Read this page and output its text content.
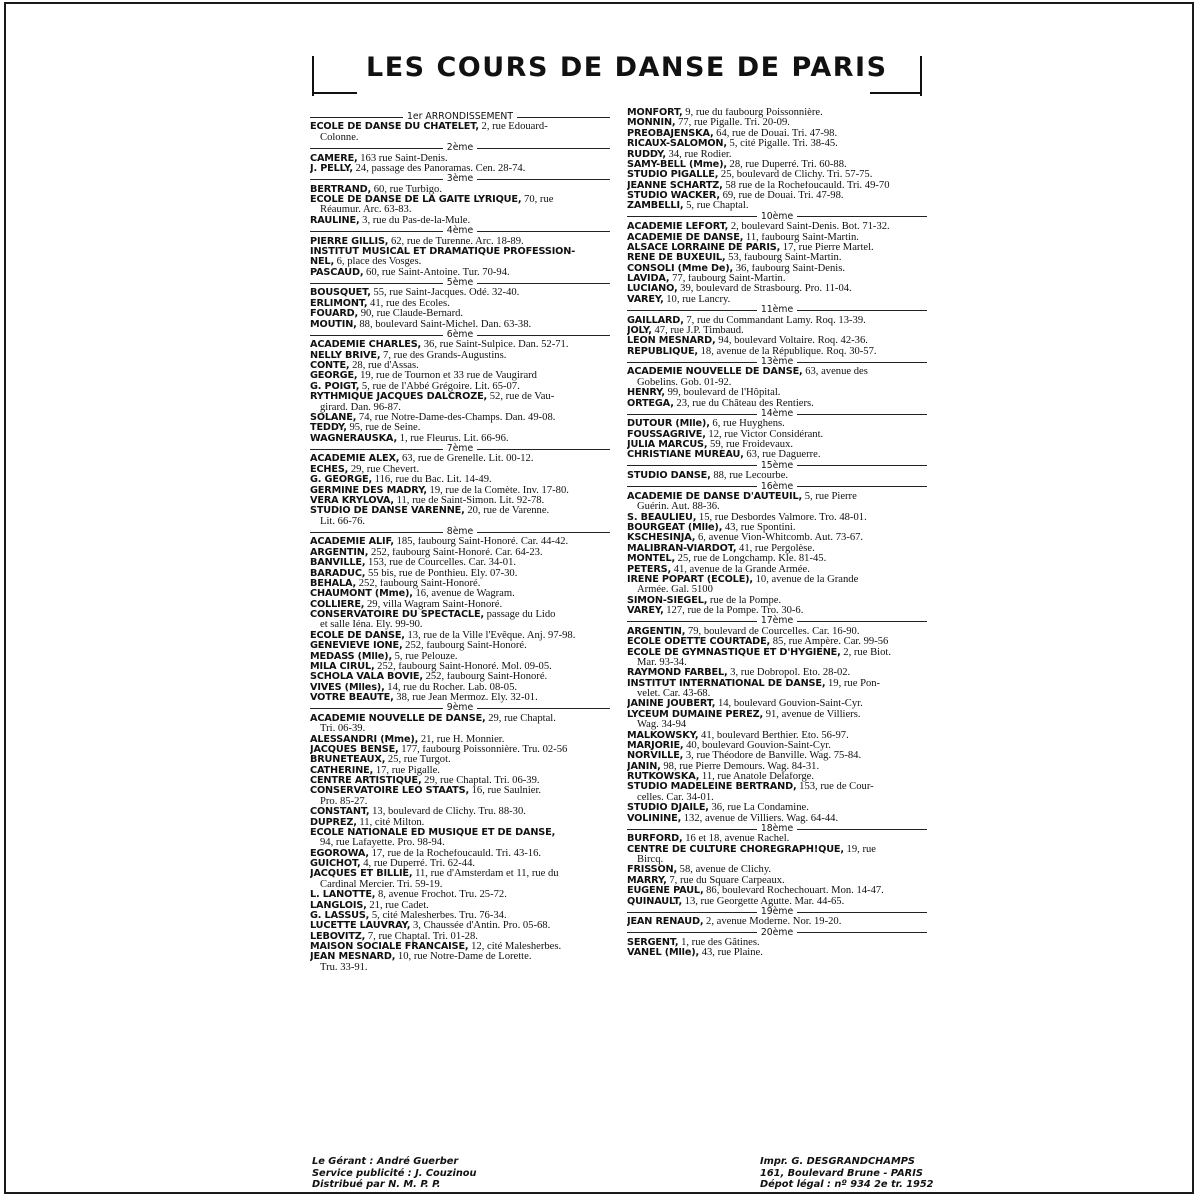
LES COURS DE DANSE DE PARIS
1er ARRONDISSEMENT
ÉCOLE DE DANSE DU CHATELET, 2, rue Edouard-
Colonne.
2ème
CAMERE, 163 rue Saint-Denis.
J. PELLY, 24, passage des Panoramas. Cen. 28-74.
3ème
BERTRAND, 60, rue Turbigo.
ÉCOLE DE DANSE DE LA GAITÉ LYRIQUE, 70, rue
Réaumur. Arc. 63-83.
RAULINE, 3, rue du Pas-de-la-Mule.
4ème
PIERRE GILLIS, 62, rue de Turenne. Arc. 18-89.
INSTITUT MUSICAL ET DRAMATIQUE PROFESSION-
NEL, 6, place des Vosges.
PASCAUD, 60, rue Saint-Antoine. Tur. 70-94.
5ème
BOUSQUET, 55, rue Saint-Jacques. Odé. 32-40.
ERLIMONT, 41, rue des Ecoles.
FOUARD, 90, rue Claude-Bernard.
MOUTIN, 88, boulevard Saint-Michel. Dan. 63-38.
6ème
ACADÉMIE CHARLES, 36, rue Saint-Sulpice. Dan. 52-71.
NELLY BRIVE, 7, rue des Grands-Augustins.
CONTE, 28, rue d'Assas.
GEORGE, 19, rue de Tournon et 33 rue de Vaugirard
G. POIGT, 5, rue de l'Abbé Grégoire. Lit. 65-07.
RYTHMIQUE JACQUES DALCROZE, 52, rue de Vau-
girard. Dan. 96-87.
SOLANE, 74, rue Notre-Dame-des-Champs. Dan. 49-08.
TEDDY, 95, rue de Seine.
WAGNERAUSKA, 1, rue Fleurus. Lit. 66-96.
7ème
ACADÉMIE ALEX, 63, rue de Grenelle. Lit. 00-12.
ECHES, 29, rue Chevert.
G. GEORGE, 116, rue du Bac. Lit. 14-49.
GERMINE DES MADRY, 19, rue de la Comète. Inv. 17-80.
VERA KRYLOVA, 11, rue de Saint-Simon. Lit. 92-78.
STUDIO DE DANSE VARENNE, 20, rue de Varenne.
Lit. 66-76.
8ème
ACADÉMIE ALIF, 185, faubourg Saint-Honoré. Car. 44-42.
ARGENTIN, 252, faubourg Saint-Honoré. Car. 64-23.
BANVILLE, 153, rue de Courcelles. Car. 34-01.
BARADUC, 55 bis, rue de Ponthieu. Ely. 07-30.
BEHALA, 252, faubourg Saint-Honoré.
CHAUMONT (Mme), 16, avenue de Wagram.
COLLIERE, 29, villa Wagram Saint-Honoré.
CONSERVATOIRE DU SPECTACLE, passage du Lido
et salle Iéna. Ely. 99-90.
ÉCOLE DE DANSE, 13, rue de la Ville l'Évêque. Anj. 97-98.
GENEVIEVE IONE, 252, faubourg Saint-Honoré.
MEDASS (Mlle), 5, rue Pelouze.
MILA CIRUL, 252, faubourg Saint-Honoré. Mol. 09-05.
SCHOLA VALA BOVIE, 252, faubourg Saint-Honoré.
VIVES (Mlles), 14, rue du Rocher. Lab. 08-05.
VOTRE BEAUTÉ, 38, rue Jean Mermoz. Ely. 32-01.
9ème
ACADÉMIE NOUVELLE DE DANSE, 29, rue Chaptal.
Tri. 06-39.
ALESSANDRI (Mme), 21, rue H. Monnier.
JACQUES BENSE, 177, faubourg Poissonnière. Tru. 02-56
BRUNETEAUX, 25, rue Turgot.
CATHERINE, 17, rue Pigalle.
CENTRE ARTISTIQUE, 29, rue Chaptal. Tri. 06-39.
CONSERVATOIRE LÉO STAATS, 16, rue Saulnier.
Pro. 85-27.
CONSTANT, 13, boulevard de Clichy. Tru. 88-30.
DUPREZ, 11, cité Milton.
ÉCOLE NATIONALE ED MUSIQUE ET DE DANSE,
94, rue Lafayette. Pro. 98-94.
EGOROWA, 17, rue de la Rochefoucauld. Tri. 43-16.
GUICHOT, 4, rue Duperré. Tri. 62-44.
JACQUES ET BILLIE, 11, rue d'Amsterdam et 11, rue du
Cardinal Mercier. Tri. 59-19.
L. LANOTTE, 8, avenue Frochot. Tru. 25-72.
LANGLOIS, 21, rue Cadet.
G. LASSUS, 5, cité Malesherbes. Tru. 76-34.
LUCETTE LAUVRAY, 3, Chaussée d'Antin. Pro. 05-68.
LEBOVITZ, 7, rue Chaptal. Tri. 01-28.
MAISON SOCIALE FRANCAISE, 12, cité Malesherbes.
JEAN MESNARD, 10, rue Notre-Dame de Lorette.
Tru. 33-91.
MONFORT, 9, rue du faubourg Poissonnière.
MONNIN, 77, rue Pigalle. Tri. 20-09.
PREOBAJENSKA, 64, rue de Douai. Tri. 47-98.
RICAUX-SALOMON, 5, cité Pigalle. Tri. 38-45.
RUDDY, 34, rue Rodier.
SAMY-BELL (Mme), 28, rue Duperré. Tri. 60-88.
STUDIO PIGALLE, 25, boulevard de Clichy. Tri. 57-75.
JEANNE SCHARTZ, 58 rue de la Rochefoucauld. Tri. 49-70
STUDIO WACKER, 69, rue de Douai. Tri. 47-98.
ZAMBELLI, 5, rue Chaptal.
10ème
ACADÉMIE LEFORT, 2, boulevard Saint-Denis. Bot. 71-32.
ACADÉMIE DE DANSE, 11, faubourg Saint-Martin.
ALSACE LORRAINE DE PARIS, 17, rue Pierre Martel.
RENÉ DE BUXEUIL, 53, faubourg Saint-Martin.
CONSOLI (Mme De), 36, faubourg Saint-Denis.
LAVIDA, 77, faubourg Saint-Martin.
LUCIANO, 39, boulevard de Strasbourg. Pro. 11-04.
VAREY, 10, rue Lancry.
11ème
GAILLARD, 7, rue du Commandant Lamy. Roq. 13-39.
JOLY, 47, rue J.P. Timbaud.
LÉON MESNARD, 94, boulevard Voltaire. Roq. 42-36.
RÉPUBLIQUE, 18, avenue de la République. Roq. 30-57.
13ème
ACADÉMIE NOUVELLE DE DANSE, 63, avenue des
Gobelins. Gob. 01-92.
HENRY, 99, boulevard de l'Hôpital.
ORTEGA, 23, rue du Château des Rentiers.
14ème
DUTOUR (Mlle), 6, rue Huyghens.
FOUSSAGRIVE, 12, rue Victor Considérant.
JULIA MARCUS, 59, rue Froidevaux.
CHRISTIANE MUREAU, 63, rue Daguerre.
15ème
STUDIO DANSE, 88, rue Lecourbe.
16ème
ACADÉMIE DE DANSE D'AUTEUIL, 5, rue Pierre
Guérin. Aut. 88-36.
S. BEAULIEU, 15, rue Desbordes Valmore. Tro. 48-01.
BOURGEAT (Mlle), 43, rue Spontini.
KSCHESINJA, 6, avenue Vion-Whitcomb. Aut. 73-67.
MALIBRAN-VIARDOT, 41, rue Pergolèse.
MONTEL, 25, rue de Longchamp. Kle. 81-45.
PETERS, 41, avenue de la Grande Armée.
IRENE POPART (ÉCOLE), 10, avenue de la Grande
Armée. Gal. 5100
SIMON-SIEGEL, rue de la Pompe.
VAREY, 127, rue de la Pompe. Tro. 30-6.
17ème
ARGENTIN, 79, boulevard de Courcelles. Car. 16-90.
ÉCOLE ODETTE COURTADE, 85, rue Ampère. Car. 99-56
ÉCOLE DE GYMNASTIQUE ET D'HYGIENE, 2, rue Biot.
Mar. 93-34.
RAYMOND FARBEL, 3, rue Dobropol. Eto. 28-02.
INSTITUT INTERNATIONAL DE DANSE, 19, rue Pon-
velet. Car. 43-68.
JANINE JOUBERT, 14, boulevard Gouvion-Saint-Cyr.
LYCEUM DUMAINE PEREZ, 91, avenue de Villiers.
Wag. 34-94
MALKOWSKY, 41, boulevard Berthier. Eto. 56-97.
MARJORIE, 40, boulevard Gouvion-Saint-Cyr.
NORVILLE, 3, rue Théodore de Banville. Wag. 75-84.
JANIN, 98, rue Pierre Demours. Wag. 84-31.
RUTKOWSKA, 11, rue Anatole Delaforge.
STUDIO MADELEINE BERTRAND, 153, rue de Cour-
celles. Car. 34-01.
STUDIO DJAILE, 36, rue La Condamine.
VOLININE, 132, avenue de Villiers. Wag. 64-44.
18ème
BURFORD, 16 et 18, avenue Rachel.
CENTRE DE CULTURE CHOREGRAPH!QUE, 19, rue
Bircq.
FRISSON, 58, avenue de Clichy.
MARRY, 7, rue du Square Carpeaux.
EUGENE PAUL, 86, boulevard Rochechouart. Mon. 14-47.
QUINAULT, 13, rue Georgette Agutte. Mar. 44-65.
19ème
JEAN RENAUD, 2, avenue Moderne. Nor. 19-20.
20ème
SERGENT, 1, rue des Gâtines.
VANEL (Mlle), 43, rue Plaine.
Le Gérant : André Guerber
Service publicité : J. Couzinou
Distribué par N. M. P. P.
Impr. G. DESGRANDCHAMPS
161, Boulevard Brune - PARIS
Dépot légal : nº 934 2e tr. 1952
